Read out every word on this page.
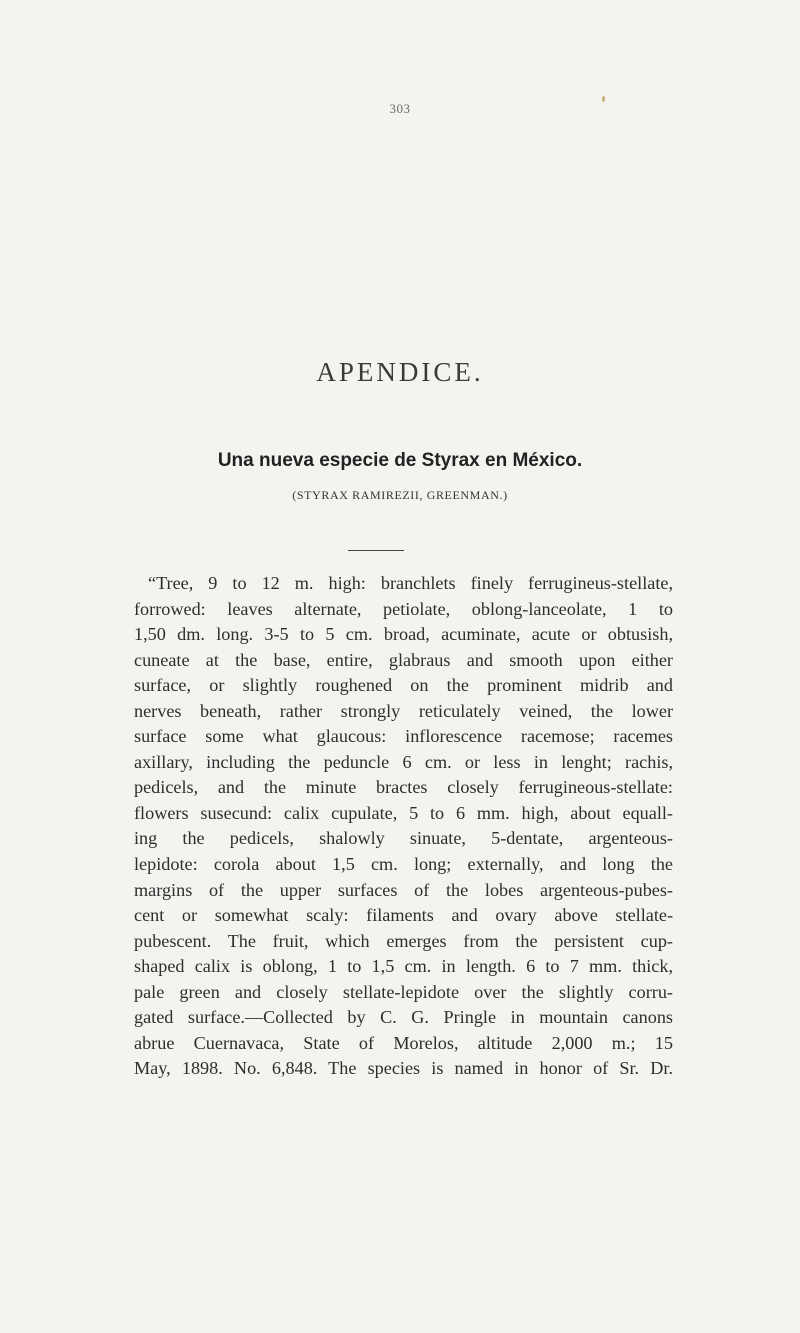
303
APENDICE.
Una nueva especie de Styrax en México.
(STYRAX RAMIREZII, GREENMAN.)
“Tree, 9 to 12 m. high: branchlets finely ferrugineus-stellate,
forrowed: leaves alternate, petiolate, oblong-lanceolate, 1 to
1,50 dm. long. 3-5 to 5 cm. broad, acuminate, acute or obtusish,
cuneate at the base, entire, glabraus and smooth upon either
surface, or slightly roughened on the prominent midrib and
nerves beneath, rather strongly reticulately veined, the lower
surface some what glaucous: inflorescence racemose; racemes
axillary, including the peduncle 6 cm. or less in lenght; rachis,
pedicels, and the minute bractes closely ferrugineous-stellate:
flowers susecund: calix cupulate, 5 to 6 mm. high, about equall-
ing the pedicels, shalowly sinuate, 5-dentate, argenteous-
lepidote: corola about 1,5 cm. long; externally, and long the
margins of the upper surfaces of the lobes argenteous-pubes-
cent or somewhat scaly: filaments and ovary above stellate-
pubescent. The fruit, which emerges from the persistent cup-
shaped calix is oblong, 1 to 1,5 cm. in length. 6 to 7 mm. thick,
pale green and closely stellate-lepidote over the slightly corru-
gated surface.—Collected by C. G. Pringle in mountain canons
abrue Cuernavaca, State of Morelos, altitude 2,000 m.; 15
May, 1898. No. 6,848. The species is named in honor of Sr. Dr.
